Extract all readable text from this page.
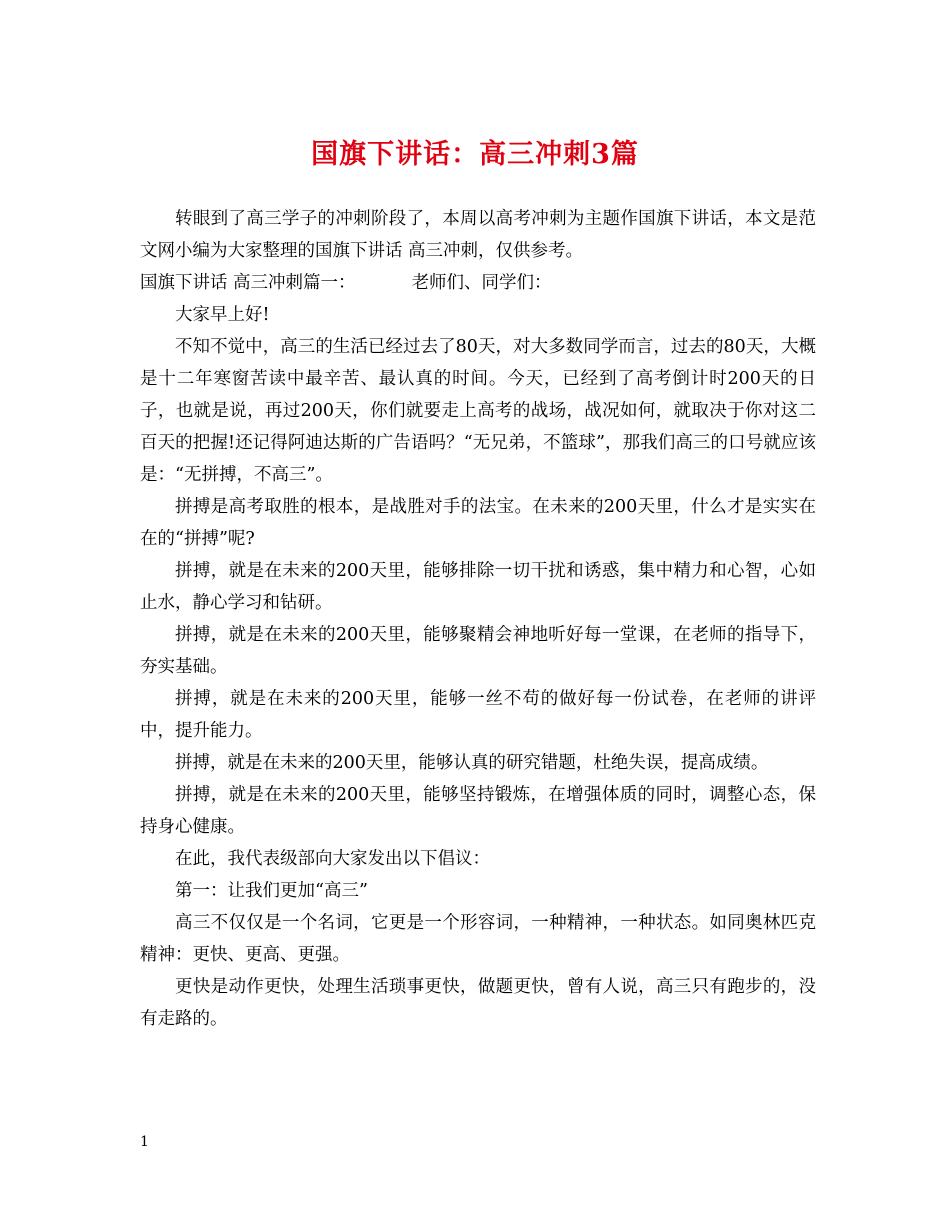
国旗下讲话：高三冲刺3篇

转眼到了高三学子的冲刺阶段了，本周以高考冲刺为主题作国旗下讲话，本文是范文网小编为大家整理的国旗下讲话 高三冲刺，仅供参考。

国旗下讲话 高三冲刺篇一：	老师们、同学们：

大家早上好!

不知不觉中，高三的生活已经过去了80天，对大多数同学而言，过去的80天，大概是十二年寒窗苦读中最辛苦、最认真的时间。今天，已经到了高考倒计时200天的日子，也就是说，再过200天，你们就要走上高考的战场，战况如何，就取决于你对这二百天的把握!还记得阿迪达斯的广告语吗？“无兄弟，不篮球”，那我们高三的口号就应该是：“无拼搏，不高三”。

拼搏是高考取胜的根本，是战胜对手的法宝。在未来的200天里，什么才是实实在在的“拼搏”呢?

拼搏，就是在未来的200天里，能够排除一切干扰和诱惑，集中精力和心智，心如止水，静心学习和钻研。

拼搏，就是在未来的200天里，能够聚精会神地听好每一堂课，在老师的指导下，夯实基础。

拼搏，就是在未来的200天里，能够一丝不苟的做好每一份试卷，在老师的讲评中，提升能力。

拼搏，就是在未来的200天里，能够认真的研究错题，杜绝失误，提高成绩。

拼搏，就是在未来的200天里，能够坚持锻炼，在增强体质的同时，调整心态，保持身心健康。

在此，我代表级部向大家发出以下倡议：

第一：让我们更加“高三”

高三不仅仅是一个名词，它更是一个形容词，一种精神，一种状态。如同奥林匹克精神：更快、更高、更强。

更快是动作更快，处理生活琐事更快，做题更快，曾有人说，高三只有跑步的，没有走路的。

1
